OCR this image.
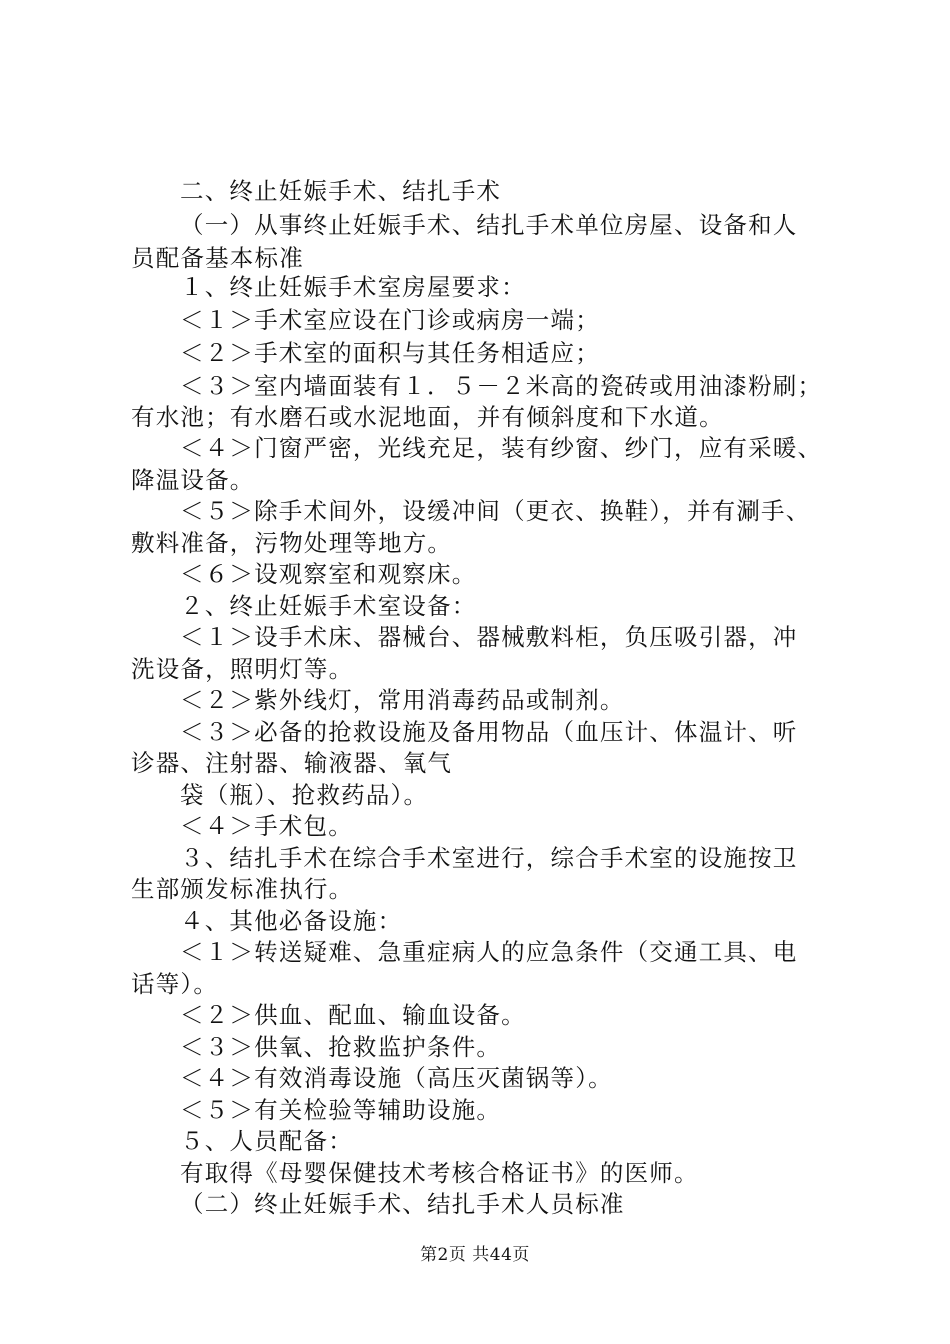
二、终止妊娠手术、结扎手术
（一）从事终止妊娠手术、结扎手术单位房屋、设备和人
员配备基本标准
１、终止妊娠手术室房屋要求：
＜１＞手术室应设在门诊或病房一端；
＜２＞手术室的面积与其任务相适应；
＜３＞室内墙面装有１．５－２米高的瓷砖或用油漆粉刷；
有水池；有水磨石或水泥地面，并有倾斜度和下水道。
＜４＞门窗严密，光线充足，装有纱窗、纱门，应有采暖、
降温设备。
＜５＞除手术间外，设缓冲间（更衣、换鞋），并有涮手、
敷料准备，污物处理等地方。
＜６＞设观察室和观察床。
２、终止妊娠手术室设备：
＜１＞设手术床、器械台、器械敷料柜，负压吸引器，冲
洗设备，照明灯等。
＜２＞紫外线灯，常用消毒药品或制剂。
＜３＞必备的抢救设施及备用物品（血压计、体温计、听
诊器、注射器、输液器、氧气
袋（瓶）、抢救药品）。
＜４＞手术包。
３、结扎手术在综合手术室进行，综合手术室的设施按卫
生部颁发标准执行。
４、其他必备设施：
＜１＞转送疑难、急重症病人的应急条件（交通工具、电
话等）。
＜２＞供血、配血、输血设备。
＜３＞供氧、抢救监护条件。
＜４＞有效消毒设施（高压灭菌锅等）。
＜５＞有关检验等辅助设施。
５、人员配备：
有取得《母婴保健技术考核合格证书》的医师。
（二）终止妊娠手术、结扎手术人员标准
第2页 共44页
